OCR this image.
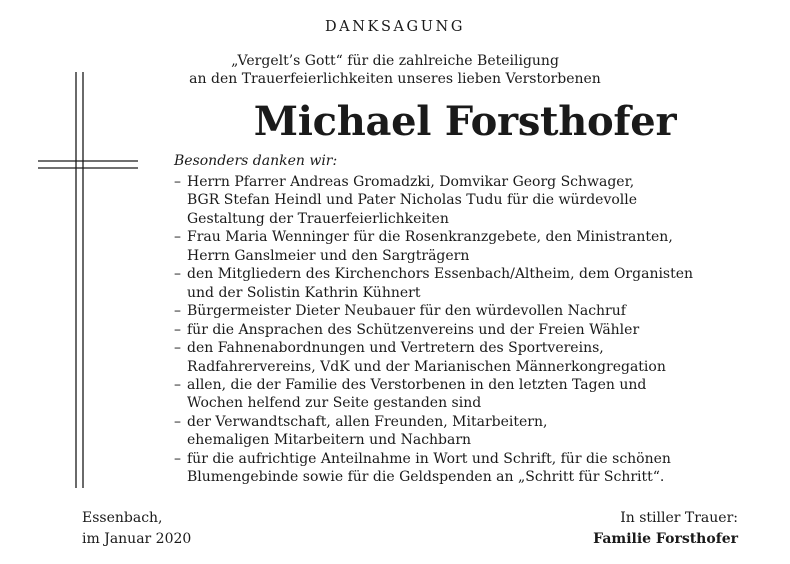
DANKSAGUNG
„Vergelt’s Gott“ für die zahlreiche Beteiligung
an den Trauerfeierlichkeiten unseres lieben Verstorbenen
Michael Forsthofer
Besonders danken wir:
– Herrn Pfarrer Andreas Gromadzki, Domvikar Georg Schwager,
BGR Stefan Heindl und Pater Nicholas Tudu für die würdevolle
Gestaltung der Trauerfeierlichkeiten
– Frau Maria Wenninger für die Rosenkranzgebete, den Ministranten,
Herrn Ganslmeier und den Sargträgern
– den Mitgliedern des Kirchenchors Essenbach/Altheim, dem Organisten
und der Solistin Kathrin Kühnert
– Bürgermeister Dieter Neubauer für den würdevollen Nachruf
– für die Ansprachen des Schützenvereins und der Freien Wähler
– den Fahnenabordnungen und Vertretern des Sportvereins,
Radfahrervereins, VdK und der Marianischen Männerkongregation
– allen, die der Familie des Verstorbenen in den letzten Tagen und
Wochen helfend zur Seite gestanden sind
– der Verwandtschaft, allen Freunden, Mitarbeitern,
ehemaligen Mitarbeitern und Nachbarn
– für die aufrichtige Anteilnahme in Wort und Schrift, für die schönen
Blumengebinde sowie für die Geldspenden an „Schritt für Schritt“.
Essenbach,
im Januar 2020
In stiller Trauer:
Familie Forsthofer
